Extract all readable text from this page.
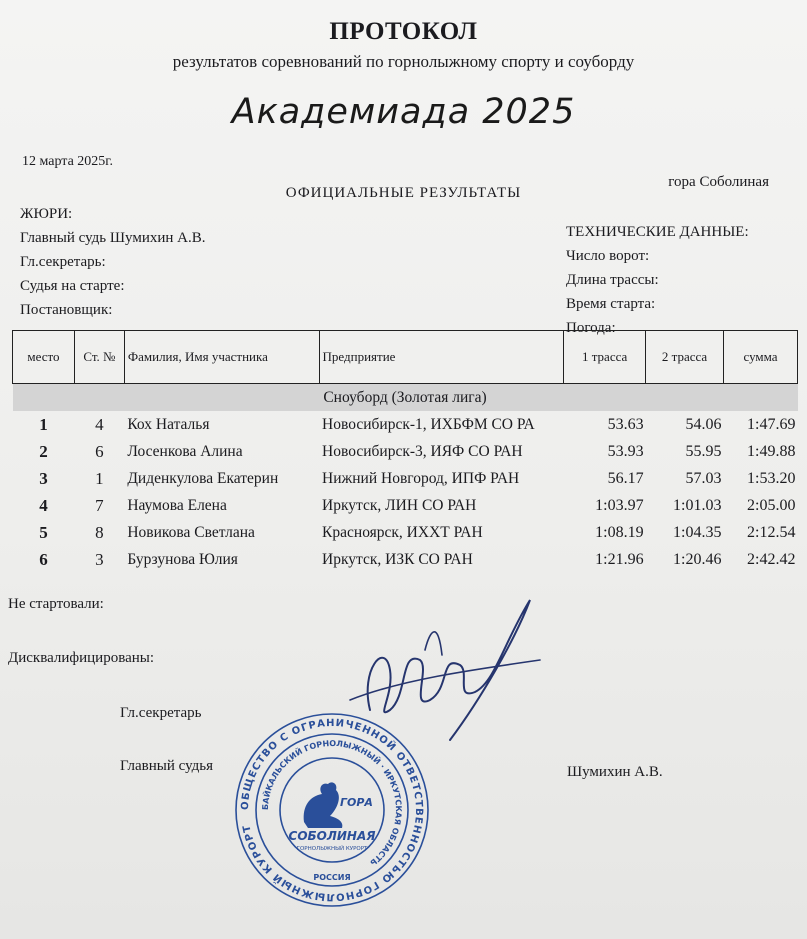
ПРОТОКОЛ
результатов соревнований по горнолыжному спорту и соуборду
Академиада 2025
12 марта 2025г.
гора Соболиная
ОФИЦИАЛЬНЫЕ РЕЗУЛЬТАТЫ
ЖЮРИ:
Главный судь Шумихин А.В.
Гл.секретарь:
Судья на старте:
Постановщик:
ТЕХНИЧЕСКИЕ ДАННЫЕ:
Число ворот:
Длина трассы:
Время старта:
Погода:
место	Ст. №	Фамилия, Имя участника	Предприятие	1 трасса	2 трасса	сумма
Сноуборд (Золотая лига)						
1	4	Кох Наталья	Новосибирск-1, ИХБФМ СО РА	53.63	54.06	1:47.69
2	6	Лосенкова Алина	Новосибирск-3, ИЯФ СО РАН	53.93	55.95	1:49.88
3	1	Диденкулова Екатерин	Нижний Новгород, ИПФ РАН	56.17	57.03	1:53.20
4	7	Наумова Елена	Иркутск, ЛИН СО РАН	1:03.97	1:01.03	2:05.00
5	8	Новикова Светлана	Красноярск, ИХХТ РАН	1:08.19	1:04.35	2:12.54
6	3	Бурзунова Юлия	Иркутск, ИЗК СО РАН	1:21.96	1:20.46	2:42.42
Не стартовали:
Дисквалифицированы:
Гл.секретарь
Главный судья	Шумихин А.В.
ОБЩЕСТВО С ОГРАНИЧЕННОЙ ОТВЕТСТВЕННОСТЬЮ ГОРНОЛЫЖНЫЙ КУРОРТ
БАЙКАЛЬСКИЙ ГОРНОЛЫЖНЫЙ · ИРКУТСКАЯ ОБЛАСТЬ
ГОРА
СОБОЛИНАЯ
ГОРНОЛЫЖНЫЙ КУРОРТ
РОССИЯ
